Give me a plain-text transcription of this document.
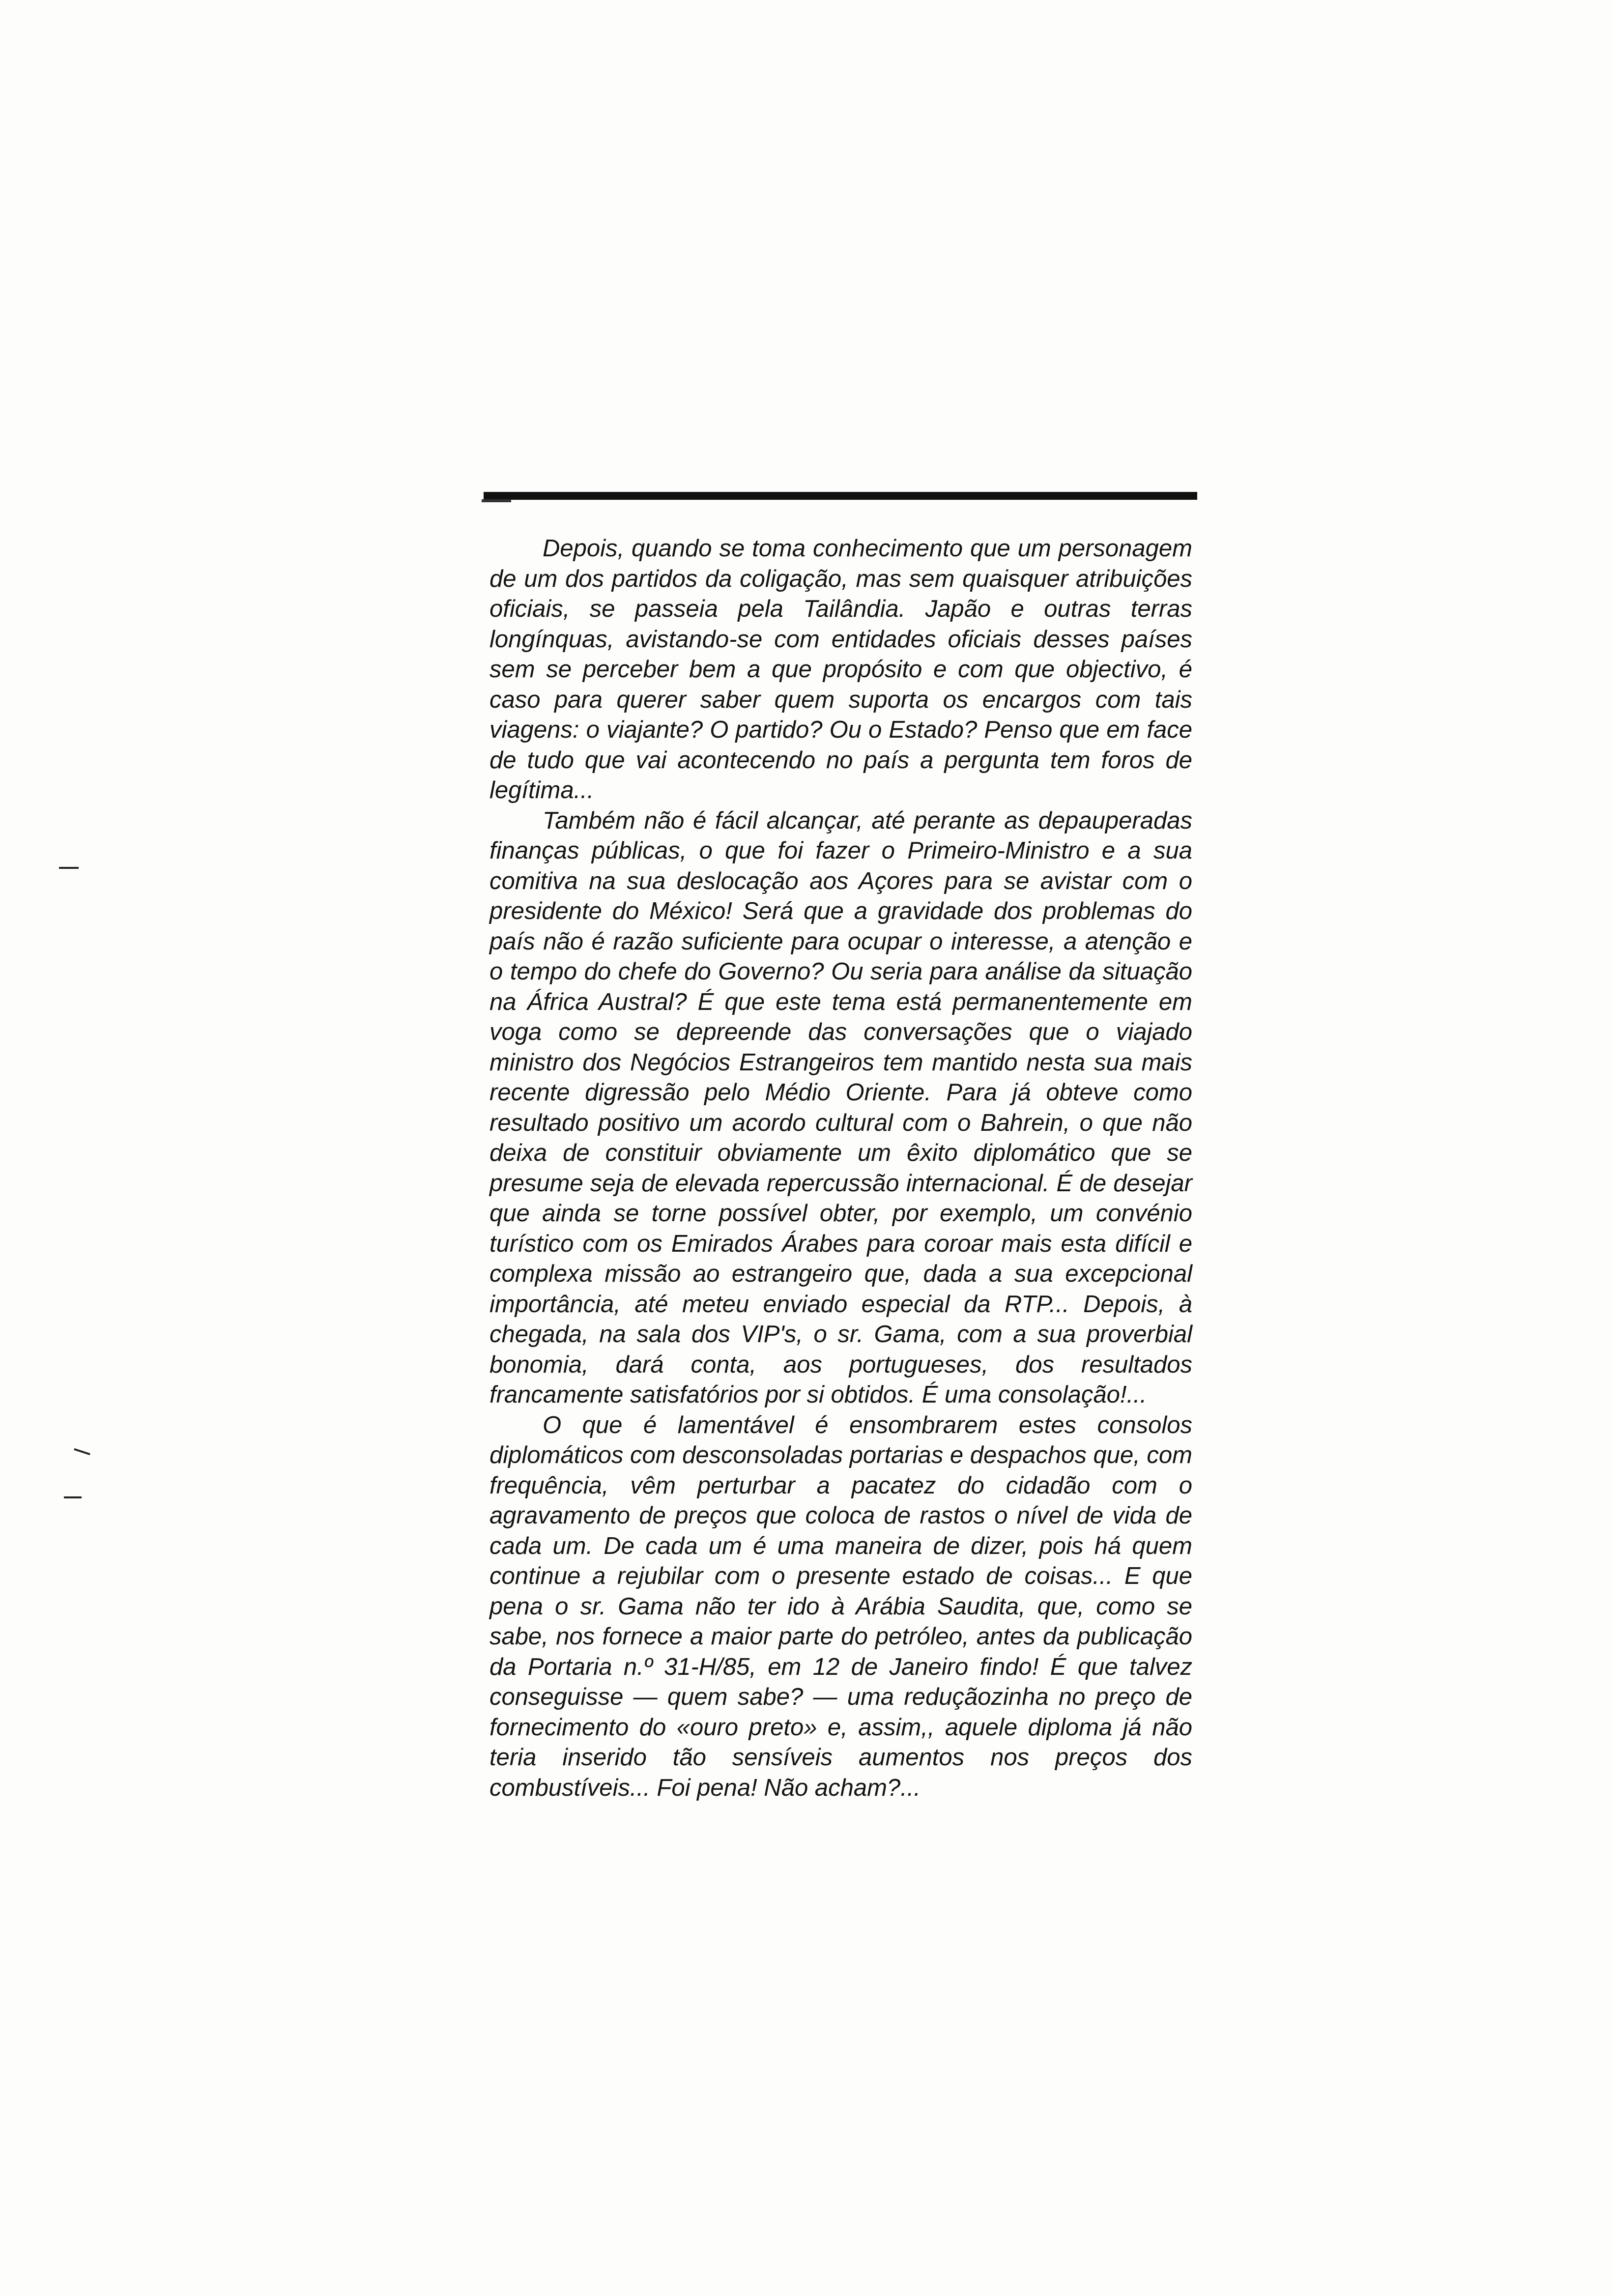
Depois, quando se toma conhecimento que um personagem de um dos partidos da coligação, mas sem quaisquer atribuições oficiais, se passeia pela Tailândia. Japão e outras terras longínquas, avistando-se com entidades oficiais desses países sem se perceber bem a que propósito e com que objectivo, é caso para querer saber quem suporta os encargos com tais viagens: o viajante? O partido? Ou o Estado? Penso que em face de tudo que vai acontecendo no país a pergunta tem foros de legítima...

Também não é fácil alcançar, até perante as depauperadas finanças públicas, o que foi fazer o Primeiro-Ministro e a sua comitiva na sua deslocação aos Açores para se avistar com o presidente do México! Será que a gravidade dos problemas do país não é razão suficiente para ocupar o interesse, a atenção e o tempo do chefe do Governo? Ou seria para análise da situação na África Austral? É que este tema está permanentemente em voga como se depreende das conversações que o viajado ministro dos Negócios Estrangeiros tem mantido nesta sua mais recente digressão pelo Médio Oriente. Para já obteve como resultado positivo um acordo cultural com o Bahrein, o que não deixa de constituir obviamente um êxito diplomático que se presume seja de elevada repercussão internacional. É de desejar que ainda se torne possível obter, por exemplo, um convénio turístico com os Emirados Árabes para coroar mais esta difícil e complexa missão ao estrangeiro que, dada a sua excepcional importância, até meteu enviado especial da RTP... Depois, à chegada, na sala dos VIP's, o sr. Gama, com a sua proverbial bonomia, dará conta, aos portugueses, dos resultados francamente satisfatórios por si obtidos. É uma consolação!...

O que é lamentável é ensombrarem estes consolos diplomáticos com desconsoladas portarias e despachos que, com frequência, vêm perturbar a pacatez do cidadão com o agravamento de preços que coloca de rastos o nível de vida de cada um. De cada um é uma maneira de dizer, pois há quem continue a rejubilar com o presente estado de coisas... E que pena o sr. Gama não ter ido à Arábia Saudita, que, como se sabe, nos fornece a maior parte do petróleo, antes da publicação da Portaria n.º 31-H/85, em 12 de Janeiro findo! É que talvez conseguisse — quem sabe? — uma reduçãozinha no preço de fornecimento do «ouro preto» e, assim,, aquele diploma já não teria inserido tão sensíveis aumentos nos preços dos combustíveis... Foi pena! Não acham?...
